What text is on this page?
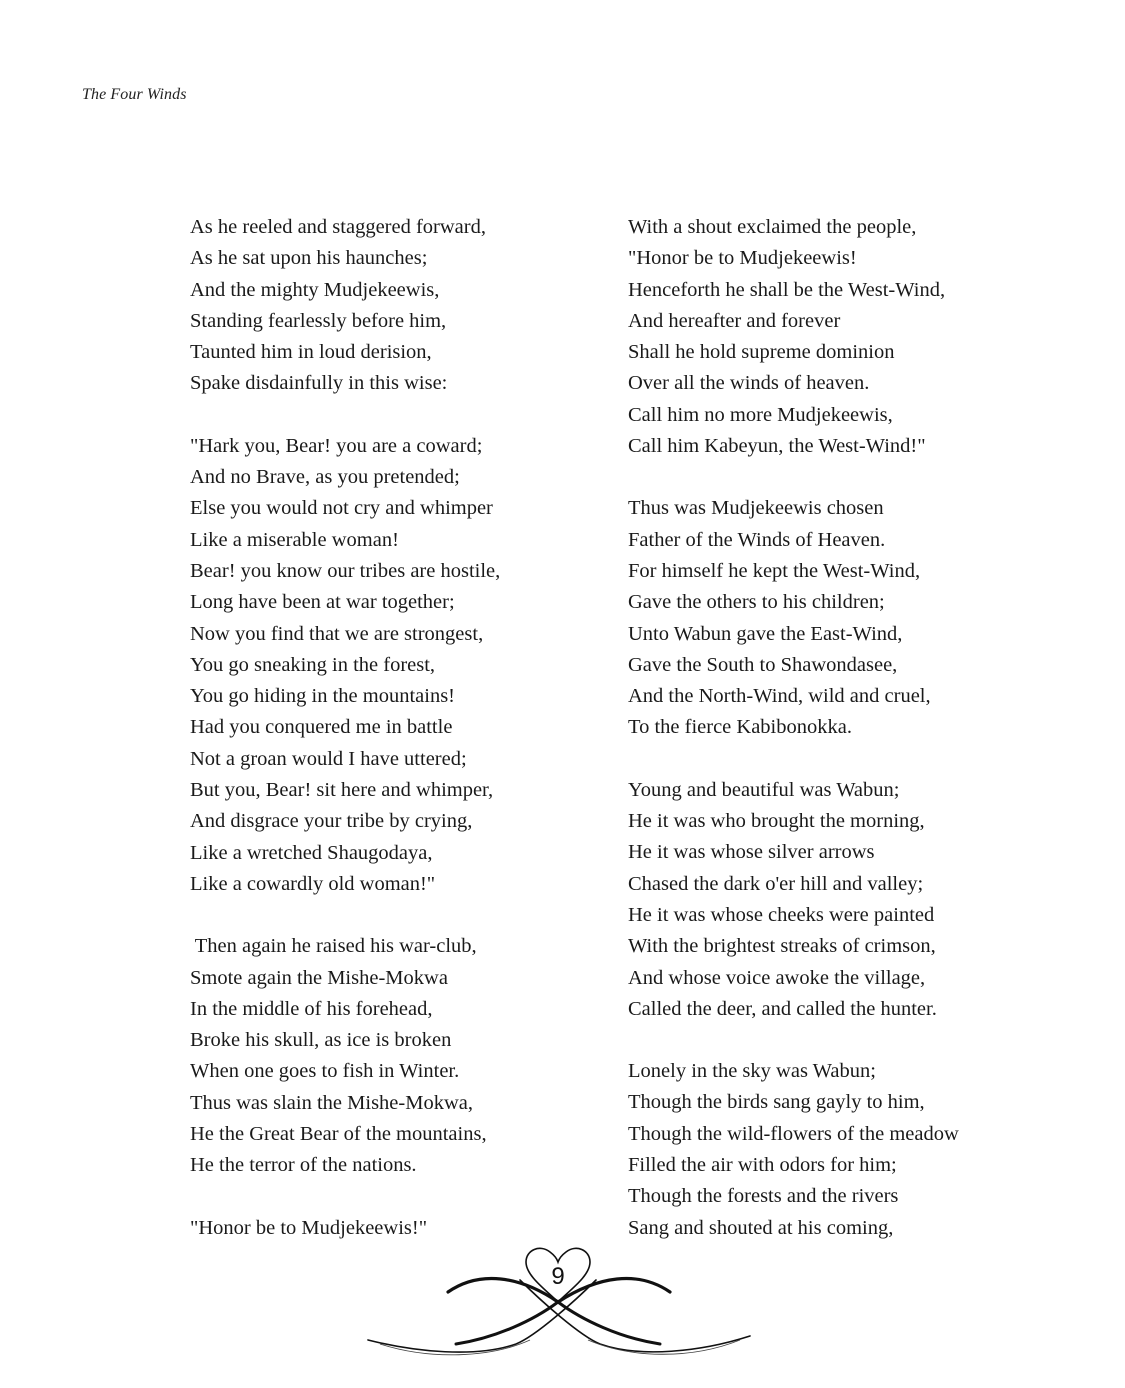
The Four Winds
As he reeled and staggered forward,
As he sat upon his haunches;
And the mighty Mudjekeewis,
Standing fearlessly before him,
Taunted him in loud derision,
Spake disdainfully in this wise:
"Hark you, Bear! you are a coward;
And no Brave, as you pretended;
Else you would not cry and whimper
Like a miserable woman!
Bear! you know our tribes are hostile,
Long have been at war together;
Now you find that we are strongest,
You go sneaking in the forest,
You go hiding in the mountains!
Had you conquered me in battle
Not a groan would I have uttered;
But you, Bear! sit here and whimper,
And disgrace your tribe by crying,
Like a wretched Shaugodaya,
Like a cowardly old woman!"
Then again he raised his war-club,
Smote again the Mishe-Mokwa
In the middle of his forehead,
Broke his skull, as ice is broken
When one goes to fish in Winter.
Thus was slain the Mishe-Mokwa,
He the Great Bear of the mountains,
He the terror of the nations.
"Honor be to Mudjekeewis!"
With a shout exclaimed the people,
"Honor be to Mudjekeewis!
Henceforth he shall be the West-Wind,
And hereafter and forever
Shall he hold supreme dominion
Over all the winds of heaven.
Call him no more Mudjekeewis,
Call him Kabeyun, the West-Wind!"
Thus was Mudjekeewis chosen
Father of the Winds of Heaven.
For himself he kept the West-Wind,
Gave the others to his children;
Unto Wabun gave the East-Wind,
Gave the South to Shawondasee,
And the North-Wind, wild and cruel,
To the fierce Kabibonokka.
Young and beautiful was Wabun;
He it was who brought the morning,
He it was whose silver arrows
Chased the dark o'er hill and valley;
He it was whose cheeks were painted
With the brightest streaks of crimson,
And whose voice awoke the village,
Called the deer, and called the hunter.
Lonely in the sky was Wabun;
Though the birds sang gayly to him,
Though the wild-flowers of the meadow
Filled the air with odors for him;
Though the forests and the rivers
Sang and shouted at his coming,
9
